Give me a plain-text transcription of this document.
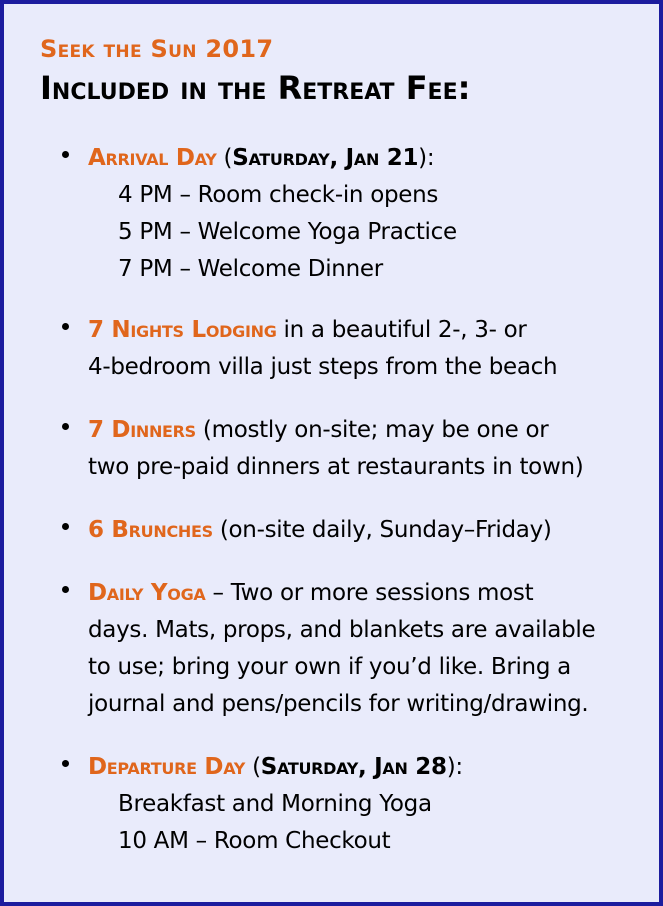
Seek the Sun 2017
Included in the Retreat Fee:
Arrival Day (Saturday, Jan 21):
4 PM – Room check-in opens
5 PM – Welcome Yoga Practice
7 PM – Welcome Dinner
7 Nights Lodging in a beautiful 2-, 3- or
4-bedroom villa just steps from the beach
7 Dinners (mostly on-site; may be one or
two pre-paid dinners at restaurants in town)
6 Brunches (on-site daily, Sunday–Friday)
Daily Yoga – Two or more sessions most
days. Mats, props, and blankets are available
to use; bring your own if you’d like. Bring a
journal and pens/pencils for writing/drawing.
Departure Day (Saturday, Jan 28):
Breakfast and Morning Yoga
10 AM – Room Checkout
